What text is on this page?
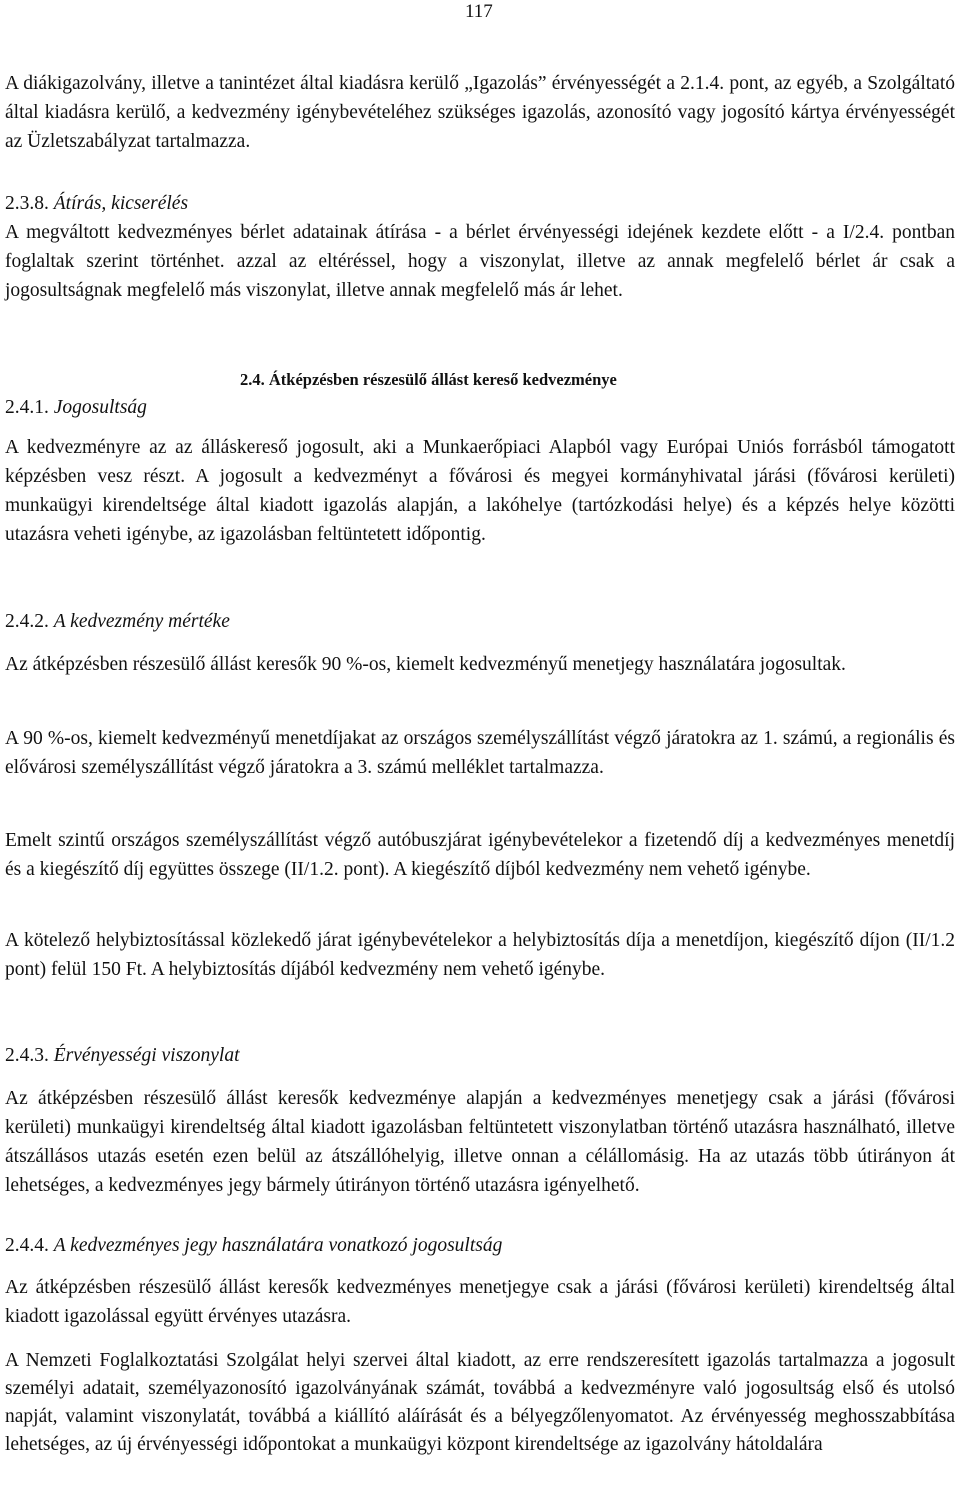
117

A diákigazolvány, illetve a tanintézet által kiadásra kerülő „Igazolás” érvényességét a 2.1.4. pont, az egyéb, a Szolgáltató által kiadásra kerülő, a kedvezmény igénybevételéhez szükséges igazolás, azonosító vagy jogosító kártya érvényességét az Üzletszabályzat tartalmazza.

2.3.8. Átírás, kicserélés

A megváltott kedvezményes bérlet adatainak átírása - a bérlet érvényességi idejének kezdete előtt - a I/2.4. pontban foglaltak szerint történhet. azzal az eltéréssel, hogy a viszonylat, illetve az annak megfelelő bérlet ár csak a jogosultságnak megfelelő más viszonylat, illetve annak megfelelő más ár lehet.

2.4. Átképzésben részesülő állást kereső kedvezménye
2.4.1. Jogosultság

A kedvezményre az az álláskereső jogosult, aki a Munkaerőpiaci Alapból vagy Európai Uniós forrásból támogatott képzésben vesz részt. A jogosult a kedvezményt a fővárosi és megyei kormányhivatal járási (fővárosi kerületi) munkaügyi kirendeltsége által kiadott igazolás alapján, a lakóhelye (tartózkodási helye) és a képzés helye közötti utazásra veheti igénybe, az igazolásban feltüntetett időpontig.

2.4.2. A kedvezmény mértéke

Az átképzésben részesülő állást keresők 90 %-os, kiemelt kedvezményű menetjegy használatára jogosultak.

A 90 %-os, kiemelt kedvezményű menetdíjakat az országos személyszállítást végző járatokra az 1. számú, a regionális és elővárosi személyszállítást végző járatokra a 3. számú melléklet tartalmazza.

Emelt szintű országos személyszállítást végző autóbuszjárat igénybevételekor a fizetendő díj a kedvezményes menetdíj és a kiegészítő díj együttes összege (II/1.2. pont). A kiegészítő díjból kedvezmény nem vehető igénybe.

A kötelező helybiztosítással közlekedő járat igénybevételekor a helybiztosítás díja a menetdíjon, kiegészítő díjon (II/1.2 pont) felül 150 Ft. A helybiztosítás díjából kedvezmény nem vehető igénybe.

2.4.3. Érvényességi viszonylat

Az átképzésben részesülő állást keresők kedvezménye alapján a kedvezményes menetjegy csak a járási (fővárosi kerületi) munkaügyi kirendeltség által kiadott igazolásban feltüntetett viszonylatban történő utazásra használható, illetve átszállásos utazás esetén ezen belül az átszállóhelyig, illetve onnan a célállomásig. Ha az utazás több útirányon át lehetséges, a kedvezményes jegy bármely útirányon történő utazásra igényelhető.

2.4.4. A kedvezményes jegy használatára vonatkozó jogosultság

Az átképzésben részesülő állást keresők kedvezményes menetjegye csak a járási (fővárosi kerületi) kirendeltség által kiadott igazolással együtt érvényes utazásra.

A Nemzeti Foglalkoztatási Szolgálat helyi szervei által kiadott, az erre rendszeresített igazolás tartalmazza a jogosult személyi adatait, személyazonosító igazolványának számát, továbbá a kedvezményre való jogosultság első és utolsó napját, valamint viszonylatát, továbbá a kiállító aláírását és a bélyegzőlenyomatot. Az érvényesség meghosszabbítása lehetséges, az új érvényességi időpontokat a munkaügyi központ kirendeltsége az igazolvány hátoldalára
